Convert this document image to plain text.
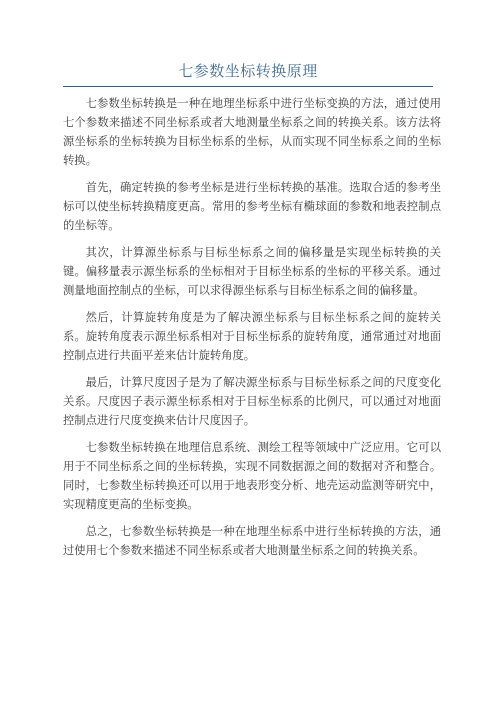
七参数坐标转换原理

七参数坐标转换是一种在地理坐标系中进行坐标变换的方法，通过使用七个参数来描述不同坐标系或者大地测量坐标系之间的转换关系。该方法将源坐标系的坐标转换为目标坐标系的坐标，从而实现不同坐标系之间的坐标转换。

首先，确定转换的参考坐标是进行坐标转换的基准。选取合适的参考坐标可以使坐标转换精度更高。常用的参考坐标有椭球面的参数和地表控制点的坐标等。

其次，计算源坐标系与目标坐标系之间的偏移量是实现坐标转换的关键。偏移量表示源坐标系的坐标相对于目标坐标系的坐标的平移关系。通过测量地面控制点的坐标，可以求得源坐标系与目标坐标系之间的偏移量。

然后，计算旋转角度是为了解决源坐标系与目标坐标系之间的旋转关系。旋转角度表示源坐标系相对于目标坐标系的旋转角度，通常通过对地面控制点进行共面平差来估计旋转角度。

最后，计算尺度因子是为了解决源坐标系与目标坐标系之间的尺度变化关系。尺度因子表示源坐标系相对于目标坐标系的比例尺，可以通过对地面控制点进行尺度变换来估计尺度因子。

七参数坐标转换在地理信息系统、测绘工程等领域中广泛应用。它可以用于不同坐标系之间的坐标转换，实现不同数据源之间的数据对齐和整合。同时，七参数坐标转换还可以用于地表形变分析、地壳运动监测等研究中，实现精度更高的坐标变换。

总之，七参数坐标转换是一种在地理坐标系中进行坐标转换的方法，通过使用七个参数来描述不同坐标系或者大地测量坐标系之间的转换关系。
